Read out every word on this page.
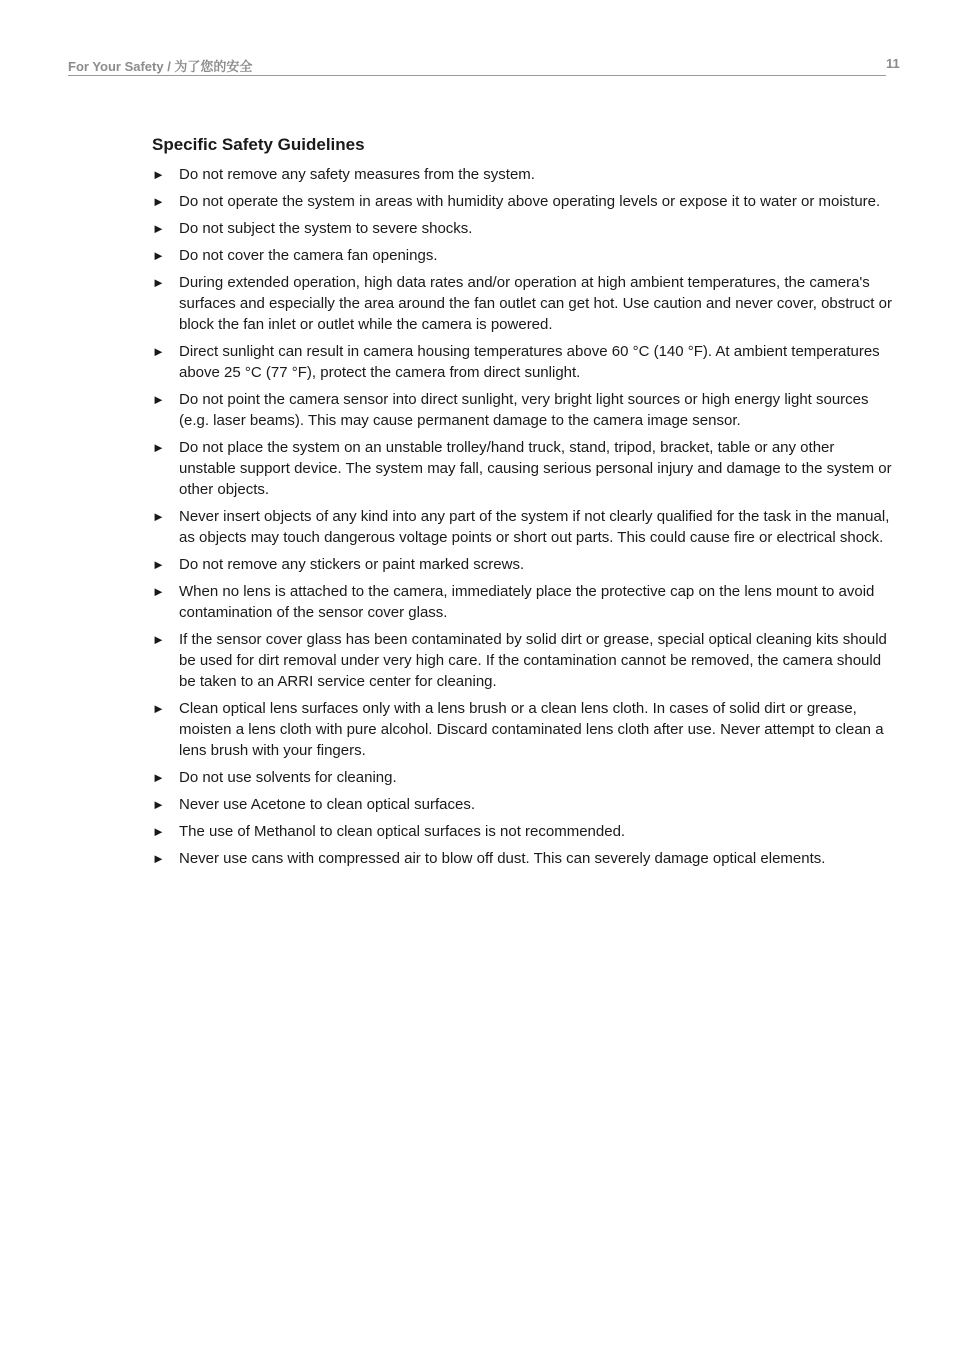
For Your Safety / 为了您的安全	11
Specific Safety Guidelines
► Do not remove any safety measures from the system.
► Do not operate the system in areas with humidity above operating levels or expose it to water or moisture.
► Do not subject the system to severe shocks.
► Do not cover the camera fan openings.
► During extended operation, high data rates and/or operation at high ambient temperatures, the camera's surfaces and especially the area around the fan outlet can get hot. Use caution and never cover, obstruct or block the fan inlet or outlet while the camera is powered.
► Direct sunlight can result in camera housing temperatures above 60 °C (140 °F). At ambient temperatures above 25 °C (77 °F), protect the camera from direct sunlight.
► Do not point the camera sensor into direct sunlight, very bright light sources or high energy light sources (e.g. laser beams). This may cause permanent damage to the camera image sensor.
► Do not place the system on an unstable trolley/hand truck, stand, tripod, bracket, table or any other unstable support device. The system may fall, causing serious personal injury and damage to the system or other objects.
► Never insert objects of any kind into any part of the system if not clearly qualified for the task in the manual, as objects may touch dangerous voltage points or short out parts. This could cause fire or electrical shock.
► Do not remove any stickers or paint marked screws.
► When no lens is attached to the camera, immediately place the protective cap on the lens mount to avoid contamination of the sensor cover glass.
► If the sensor cover glass has been contaminated by solid dirt or grease, special optical cleaning kits should be used for dirt removal under very high care. If the contamination cannot be removed, the camera should be taken to an ARRI service center for cleaning.
► Clean optical lens surfaces only with a lens brush or a clean lens cloth. In cases of solid dirt or grease, moisten a lens cloth with pure alcohol. Discard contaminated lens cloth after use. Never attempt to clean a lens brush with your fingers.
► Do not use solvents for cleaning.
► Never use Acetone to clean optical surfaces.
► The use of Methanol to clean optical surfaces is not recommended.
► Never use cans with compressed air to blow off dust. This can severely damage optical elements.
